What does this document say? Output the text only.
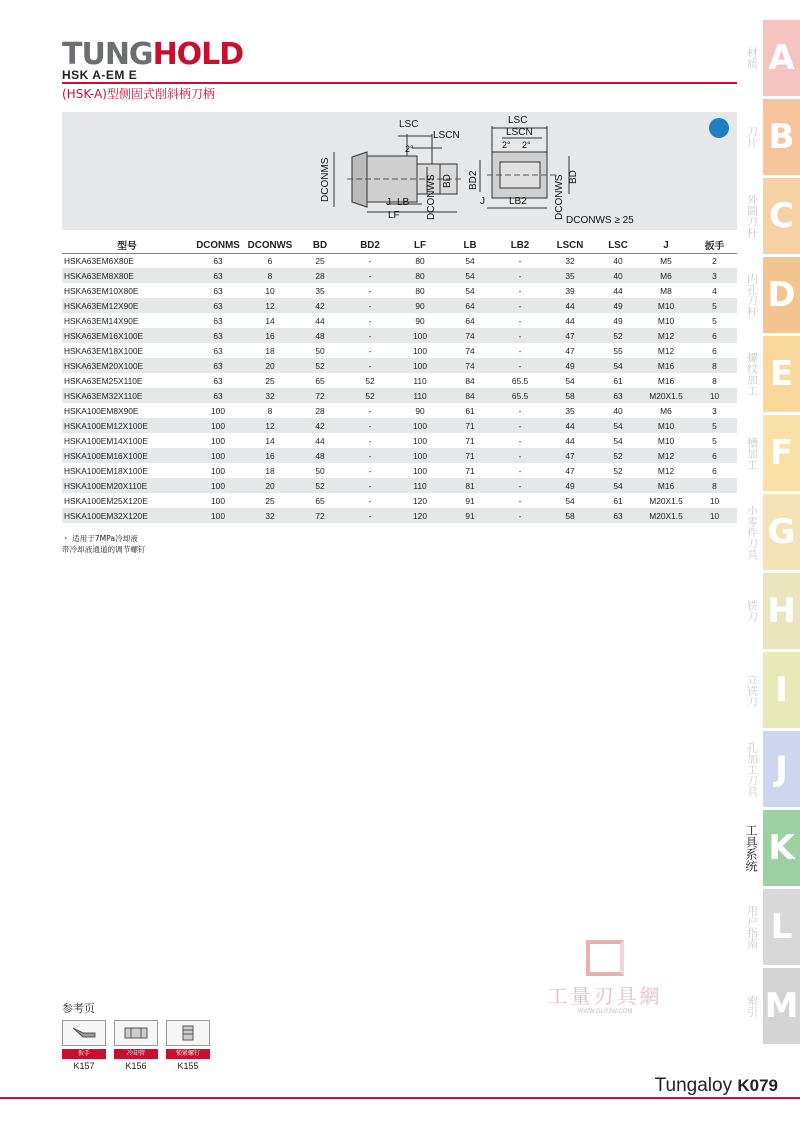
TUNGHOLD
HSK A-EM E
(HSK-A)型侧固式削斜柄刀柄
LSC
LSCN
2°
DCONMS	DCONWS BD
J LB
LF
LSC
LSCN
2° 2°
BD2
J LB2	DCONWS BD
DCONWS ≥ 25
型号	DCONMS	DCONWS	BD	BD2	LF	LB	LB2	LSCN	LSC	J	扳手
HSKA63EM6X80E	63	6	25	-	80	54	-	32	40	M5	2
HSKA63EM8X80E	63	8	28	-	80	54	-	35	40	M6	3
HSKA63EM10X80E	63	10	35	-	80	54	-	39	44	M8	4
HSKA63EM12X90E	63	12	42	-	90	64	-	44	49	M10	5
HSKA63EM14X90E	63	14	44	-	90	64	-	44	49	M10	5
HSKA63EM16X100E	63	16	48	-	100	74	-	47	52	M12	6
HSKA63EM18X100E	63	18	50	-	100	74	-	47	55	M12	6
HSKA63EM20X100E	63	20	52	-	100	74	-	49	54	M16	8
HSKA63EM25X110E	63	25	65	52	110	84	65.5	54	61	M16	8
HSKA63EM32X110E	63	32	72	52	110	84	65.5	58	63	M20X1.5	10
HSKA100EM8X90E	100	8	28	-	90	61	-	35	40	M6	3
HSKA100EM12X100E	100	12	42	-	100	71	-	44	54	M10	5
HSKA100EM14X100E	100	14	44	-	100	71	-	44	54	M10	5
HSKA100EM16X100E	100	16	48	-	100	71	-	47	52	M12	6
HSKA100EM18X100E	100	18	50	-	100	71	-	47	52	M12	6
HSKA100EM20X110E	100	20	52	-	110	81	-	49	54	M16	8
HSKA100EM25X120E	100	25	65	-	120	91	-	54	61	M20X1.5	10
HSKA100EM32X120E	100	32	72	-	120	91	-	58	63	M20X1.5	10
・ 适用于7MPa冷却液
带冷却液通道的调节螺钉
材质 A
刀片 B
外圆刀杆 C
内孔刀杆 D
螺纹加工 E
槽加工 F
小零件刀具 G
铣刀 H
立铣刀 I
孔加工刀具 J
工具系统 K
用户指南 L
索引 M
工量刃具網
WWW.GLRJW.COM
参考页
扳手
K157
冷却管
K156
锁紧螺钉
K155
Tungaloy K079
